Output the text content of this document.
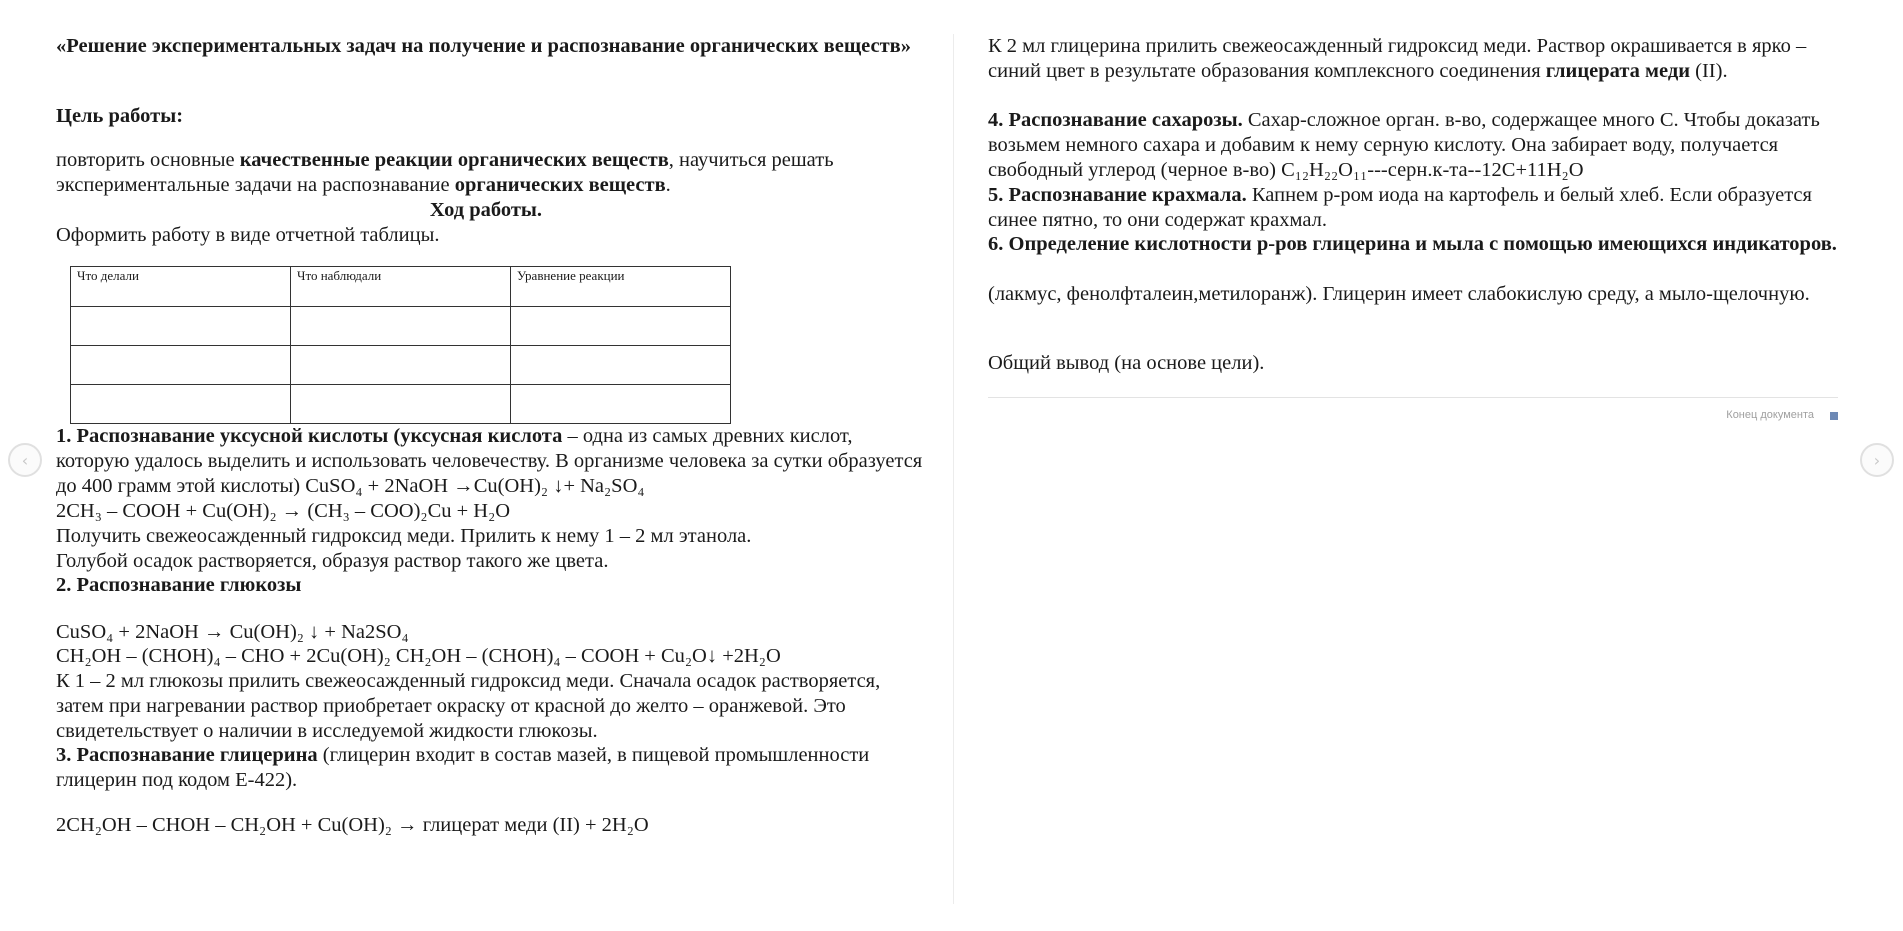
‹	›

«Решение экспериментальных задач на получение и распознавание органических веществ»

Цель работы:

повторить основные качественные реакции органических веществ, научиться решать экспериментальные задачи на распознавание органических веществ.

Ход работы.

Оформить работу в виде отчетной таблицы.

Что делали	Что наблюдали	Уравнение реакции

1. Распознавание уксусной кислоты (уксусная кислота – одна из самых древних кислот, которую удалось выделить и использовать человечеству. В организме человека за сутки образуется до 400 грамм этой кислоты) CuSO₄ + 2NaOH →Cu(OH)₂ ↓+ Na₂SO₄

2CH₃ – COOH + Cu(OH)₂ → (CH₃ – COO)₂Cu + H₂O

Получить свежеосажденный гидроксид меди. Прилить к нему 1 – 2 мл этанола.

Голубой осадок растворяется, образуя раствор такого же цвета.

2. Распознавание глюкозы

CuSO₄ + 2NaOH → Cu(OH)₂ ↓ + Na2SO₄

CH₂OH – (CHOH)₄ – CHO + 2Cu(OH)₂ CH₂OH – (CHOH)₄ – COOH + Cu₂O↓ +2H₂O

К 1 – 2 мл глюкозы прилить свежеосажденный гидроксид меди. Сначала осадок растворяется, затем при нагревании раствор приобретает окраску от красной до желто – оранжевой. Это свидетельствует о наличии в исследуемой жидкости глюкозы.

3. Распознавание глицерина (глицерин входит в состав мазей, в пищевой промышленности глицерин под кодом Е-422).

2CH₂OH – CHOH – CH₂OH + Cu(OH)₂ → глицерат меди (II) + 2H₂O

К 2 мл глицерина прилить свежеосажденный гидроксид меди. Раствор окрашивается в ярко – синий цвет в результате образования комплексного соединения глицерата меди (II).

4. Распознавание сахарозы. Сахар-сложное орган. в-во, содержащее много С. Чтобы доказать возьмем немного сахара и добавим к нему серную кислоту. Она забирает воду, получается свободный углерод (черное в-во) С₁₂Н₂₂О₁₁---серн.к-та--12С+11Н₂О

5. Распознавание крахмала. Капнем р-ром иода на картофель и белый хлеб. Если образуется синее пятно, то они содержат крахмал.

6. Определение кислотности р-ров глицерина и мыла с помощью имеющихся индикаторов.

(лакмус, фенолфталеин,метилоранж). Глицерин имеет слабокислую среду, а мыло-щелочную.

Общий вывод (на основе цели).

Конец документа
